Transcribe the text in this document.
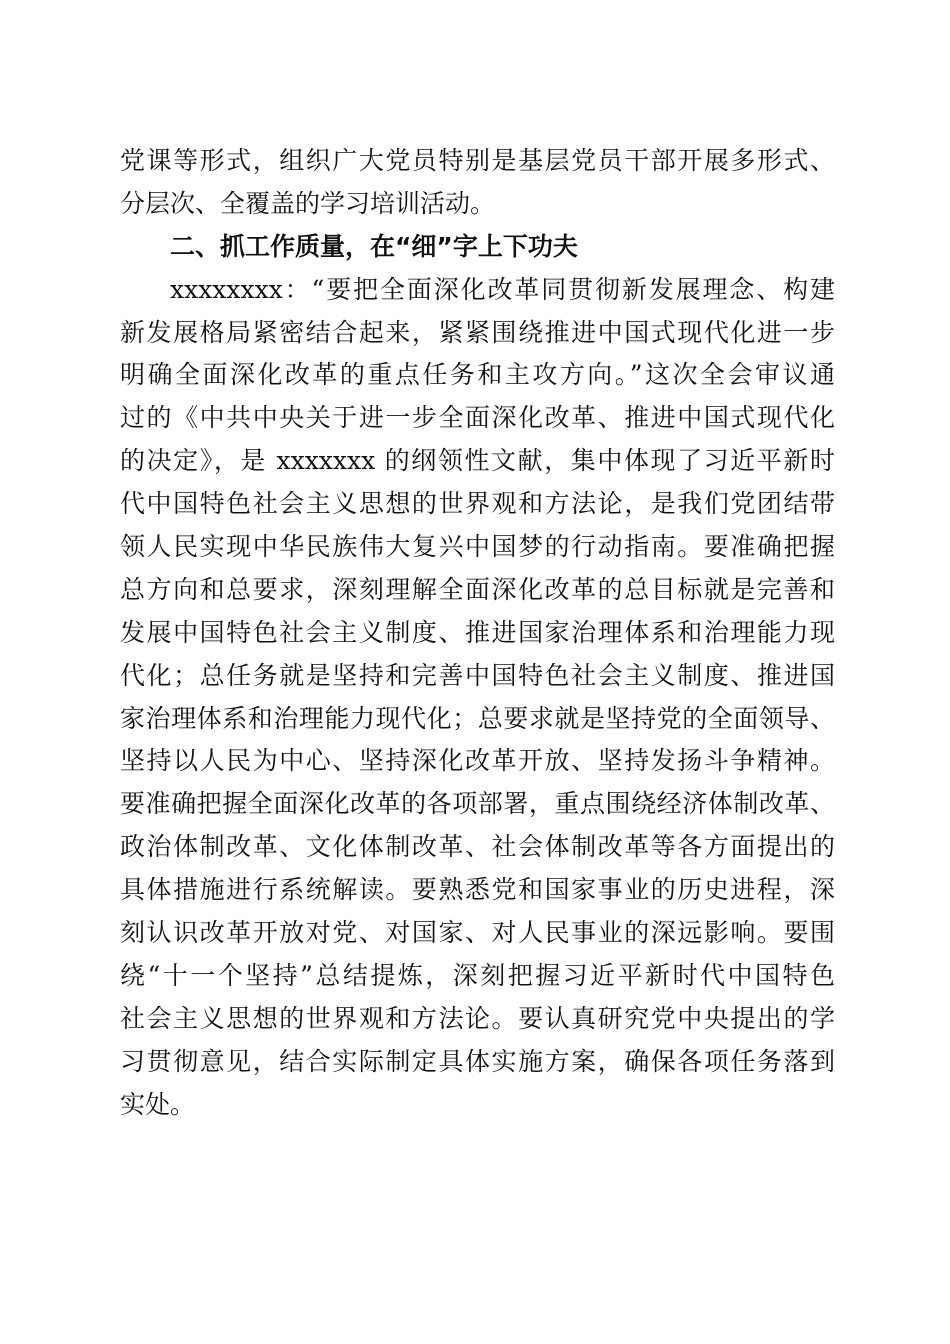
党课等形式，组织广大党员特别是基层党员干部开展多形式、
分层次、全覆盖的学习培训活动。
二、抓工作质量，在“细”字上下功夫
xxxxxxxx：“要把全面深化改革同贯彻新发展理念、构建
新发展格局紧密结合起来，紧紧围绕推进中国式现代化进一步
明确全面深化改革的重点任务和主攻方向。”这次全会审议通
过的《中共中央关于进一步全面深化改革、推进中国式现代化
的决定》，是 xxxxxxx 的纲领性文献，集中体现了习近平新时
代中国特色社会主义思想的世界观和方法论，是我们党团结带
领人民实现中华民族伟大复兴中国梦的行动指南。要准确把握
总方向和总要求，深刻理解全面深化改革的总目标就是完善和
发展中国特色社会主义制度、推进国家治理体系和治理能力现
代化；总任务就是坚持和完善中国特色社会主义制度、推进国
家治理体系和治理能力现代化；总要求就是坚持党的全面领导、
坚持以人民为中心、坚持深化改革开放、坚持发扬斗争精神。
要准确把握全面深化改革的各项部署，重点围绕经济体制改革、
政治体制改革、文化体制改革、社会体制改革等各方面提出的
具体措施进行系统解读。要熟悉党和国家事业的历史进程，深
刻认识改革开放对党、对国家、对人民事业的深远影响。要围
绕“十一个坚持”总结提炼，深刻把握习近平新时代中国特色
社会主义思想的世界观和方法论。要认真研究党中央提出的学
习贯彻意见，结合实际制定具体实施方案，确保各项任务落到
实处。
